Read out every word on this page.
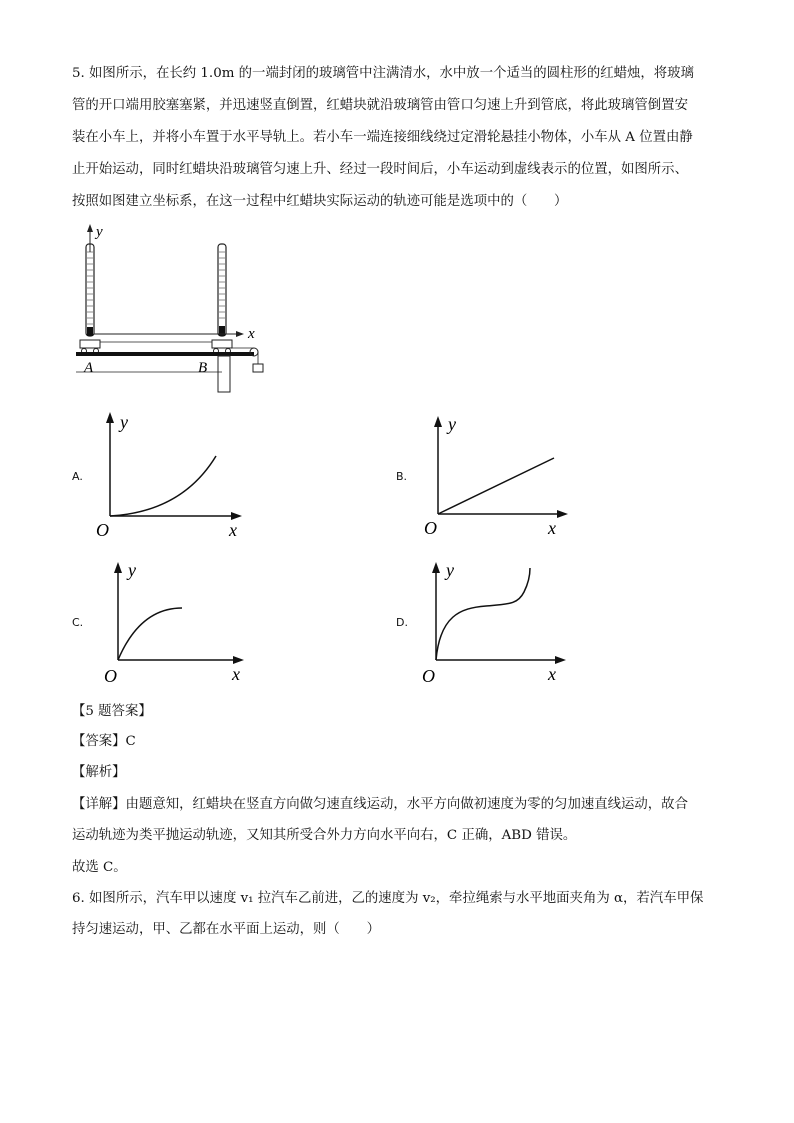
5. 如图所示，在长约 1.0m 的一端封闭的玻璃管中注满清水，水中放一个适当的圆柱形的红蜡烛，将玻璃
管的开口端用胶塞塞紧，并迅速竖直倒置，红蜡块就沿玻璃管由管口匀速上升到管底，将此玻璃管倒置安
装在小车上，并将小车置于水平导轨上。若小车一端连接细线绕过定滑轮悬挂小物体，小车从 A 位置由静
止开始运动，同时红蜡块沿玻璃管匀速上升、经过一段时间后，小车运动到虚线表示的位置，如图所示、
按照如图建立坐标系，在这一过程中红蜡块实际运动的轨迹可能是选项中的（　　）
y
x
A	B
A.
y
O	x
B.
y
O	x
C.
y
O	x
D.
y
O	x
【5 题答案】
【答案】C
【解析】
【详解】由题意知，红蜡块在竖直方向做匀速直线运动，水平方向做初速度为零的匀加速直线运动，故合
运动轨迹为类平抛运动轨迹，又知其所受合外力方向水平向右，C 正确，ABD 错误。
故选 C。
6. 如图所示，汽车甲以速度 v₁ 拉汽车乙前进，乙的速度为 v₂，牵拉绳索与水平地面夹角为 α，若汽车甲保
持匀速运动，甲、乙都在水平面上运动，则（　　）
